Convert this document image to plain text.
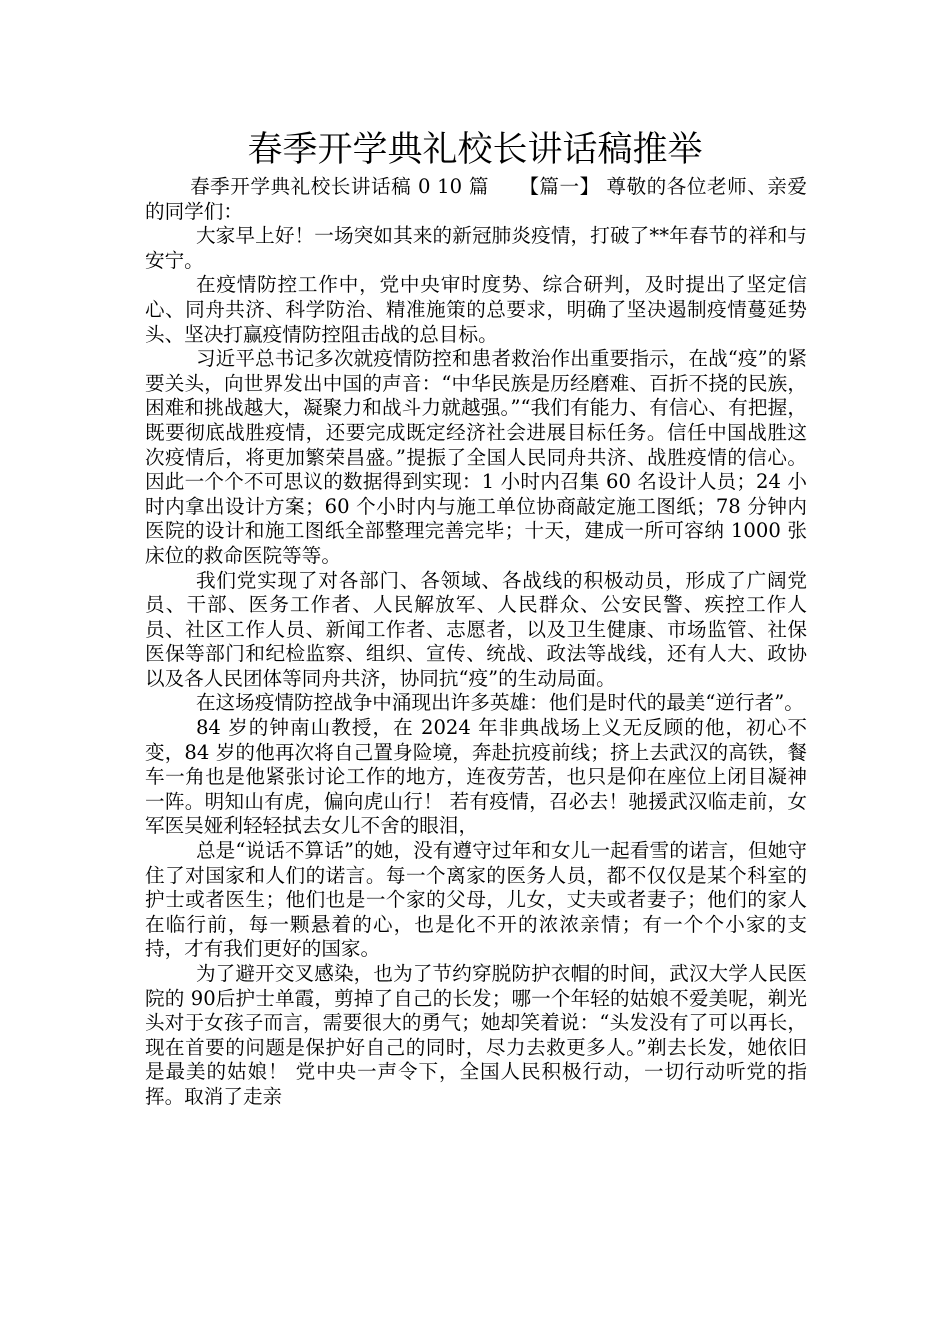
春季开学典礼校长讲话稿推举

春季开学典礼校长讲话稿 0 10 篇　　【篇一】 尊敬的各位老师、亲爱的同学们：

大家早上好！一场突如其来的新冠肺炎疫情，打破了**年春节的祥和与安宁。

在疫情防控工作中，党中央审时度势、综合研判，及时提出了坚定信心、同舟共济、科学防治、精准施策的总要求，明确了坚决遏制疫情蔓延势头、坚决打赢疫情防控阻击战的总目标。

习近平总书记多次就疫情防控和患者救治作出重要指示，在战“疫”的紧要关头，向世界发出中国的声音：“中华民族是历经磨难、百折不挠的民族，困难和挑战越大，凝聚力和战斗力就越强。”“我们有能力、有信心、有把握，既要彻底战胜疫情，还要完成既定经济社会进展目标任务。信任中国战胜这次疫情后，将更加繁荣昌盛。”提振了全国人民同舟共济、战胜疫情的信心。因此一个个不可思议的数据得到实现：1 小时内召集 60 名设计人员；24 小时内拿出设计方案；60 个小时内与施工单位协商敲定施工图纸；78 分钟内医院的设计和施工图纸全部整理完善完毕；十天，建成一所可容纳 1000 张床位的救命医院等等。

我们党实现了对各部门、各领域、各战线的积极动员，形成了广阔党员、干部、医务工作者、人民解放军、人民群众、公安民警、疾控工作人员、社区工作人员、新闻工作者、志愿者，以及卫生健康、市场监管、社保医保等部门和纪检监察、组织、宣传、统战、政法等战线，还有人大、政协以及各人民团体等同舟共济，协同抗“疫”的生动局面。

在这场疫情防控战争中涌现出许多英雄：他们是时代的最美“逆行者”。

84 岁的钟南山教授，在 2024 年非典战场上义无反顾的他，初心不变，84 岁的他再次将自己置身险境，奔赴抗疫前线；挤上去武汉的高铁，餐车一角也是他紧张讨论工作的地方，连夜劳苦，也只是仰在座位上闭目凝神一阵。明知山有虎，偏向虎山行！ 若有疫情，召必去！驰援武汉临走前，女军医吴娅利轻轻拭去女儿不舍的眼泪，

总是“说话不算话”的她，没有遵守过年和女儿一起看雪的诺言，但她守住了对国家和人们的诺言。每一个离家的医务人员，都不仅仅是某个科室的护士或者医生；他们也是一个家的父母，儿女，丈夫或者妻子；他们的家人在临行前，每一颗悬着的心，也是化不开的浓浓亲情；有一个个小家的支持，才有我们更好的国家。

为了避开交叉感染，也为了节约穿脱防护衣帽的时间，武汉大学人民医院的 90后护士单霞，剪掉了自己的长发；哪一个年轻的姑娘不爱美呢，剃光头对于女孩子而言，需要很大的勇气；她却笑着说：“头发没有了可以再长，现在首要的问题是保护好自己的同时，尽力去救更多人。”剃去长发，她依旧是最美的姑娘！ 党中央一声令下，全国人民积极行动，一切行动听党的指挥。取消了走亲
